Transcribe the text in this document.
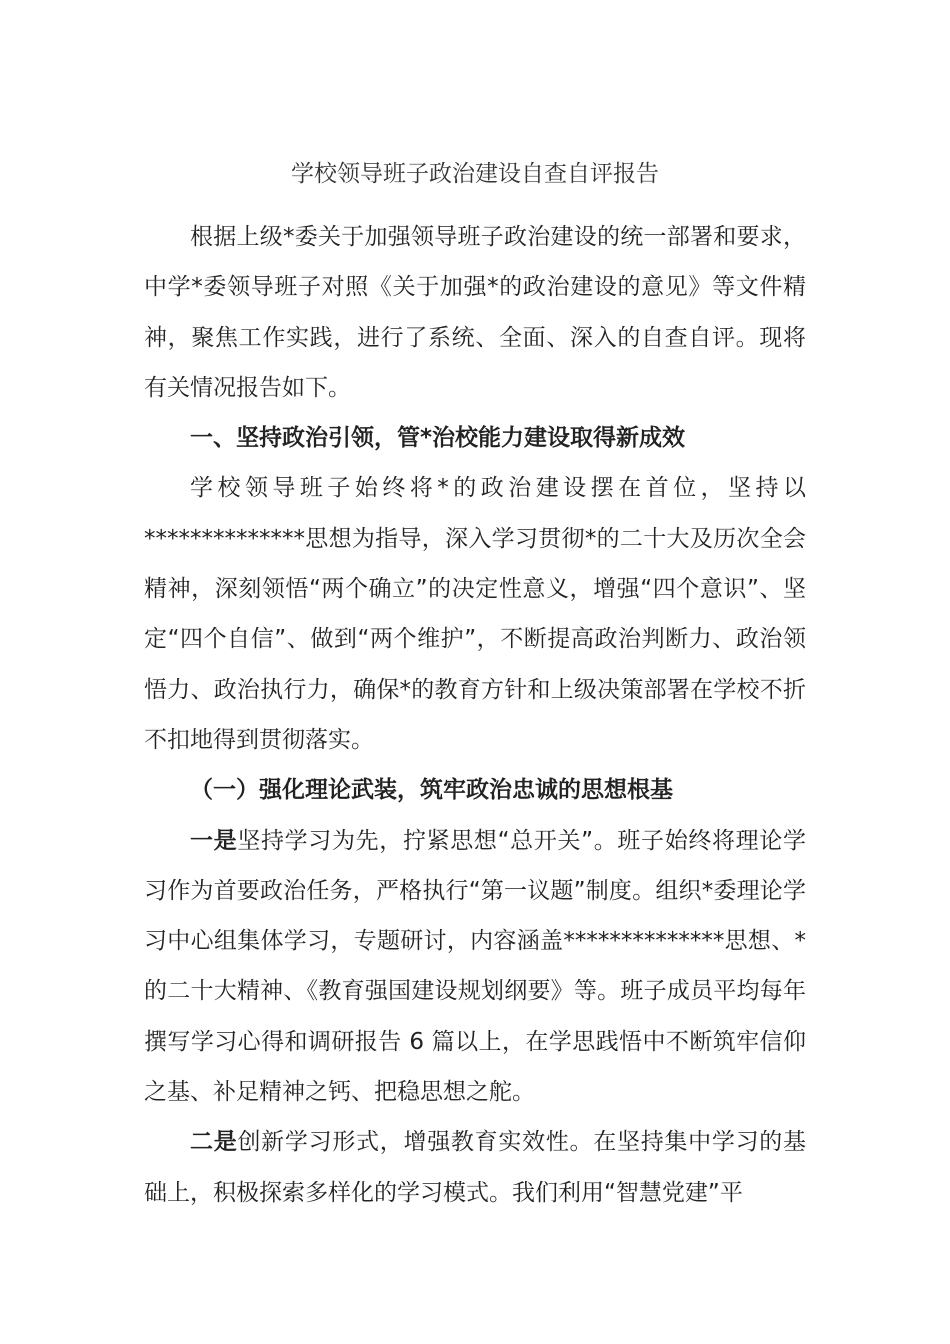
学校领导班子政治建设自查自评报告

根据上级*委关于加强领导班子政治建设的统一部署和要求，中学*委领导班子对照《关于加强*的政治建设的意见》等文件精神，聚焦工作实践，进行了系统、全面、深入的自查自评。现将有关情况报告如下。

一、坚持政治引领，管*治校能力建设取得新成效

学校领导班子始终将*的政治建设摆在首位，坚持以**************思想为指导，深入学习贯彻*的二十大及历次全会精神，深刻领悟“两个确立”的决定性意义，增强“四个意识”、坚定“四个自信”、做到“两个维护”，不断提高政治判断力、政治领悟力、政治执行力，确保*的教育方针和上级决策部署在学校不折不扣地得到贯彻落实。

（一）强化理论武装，筑牢政治忠诚的思想根基

一是坚持学习为先，拧紧思想“总开关”。班子始终将理论学习作为首要政治任务，严格执行“第一议题”制度。组织*委理论学习中心组集体学习，专题研讨，内容涵盖**************思想、*的二十大精神、《教育强国建设规划纲要》等。班子成员平均每年撰写学习心得和调研报告 6 篇以上，在学思践悟中不断筑牢信仰之基、补足精神之钙、把稳思想之舵。

二是创新学习形式，增强教育实效性。在坚持集中学习的基础上，积极探索多样化的学习模式。我们利用“智慧党建”平
